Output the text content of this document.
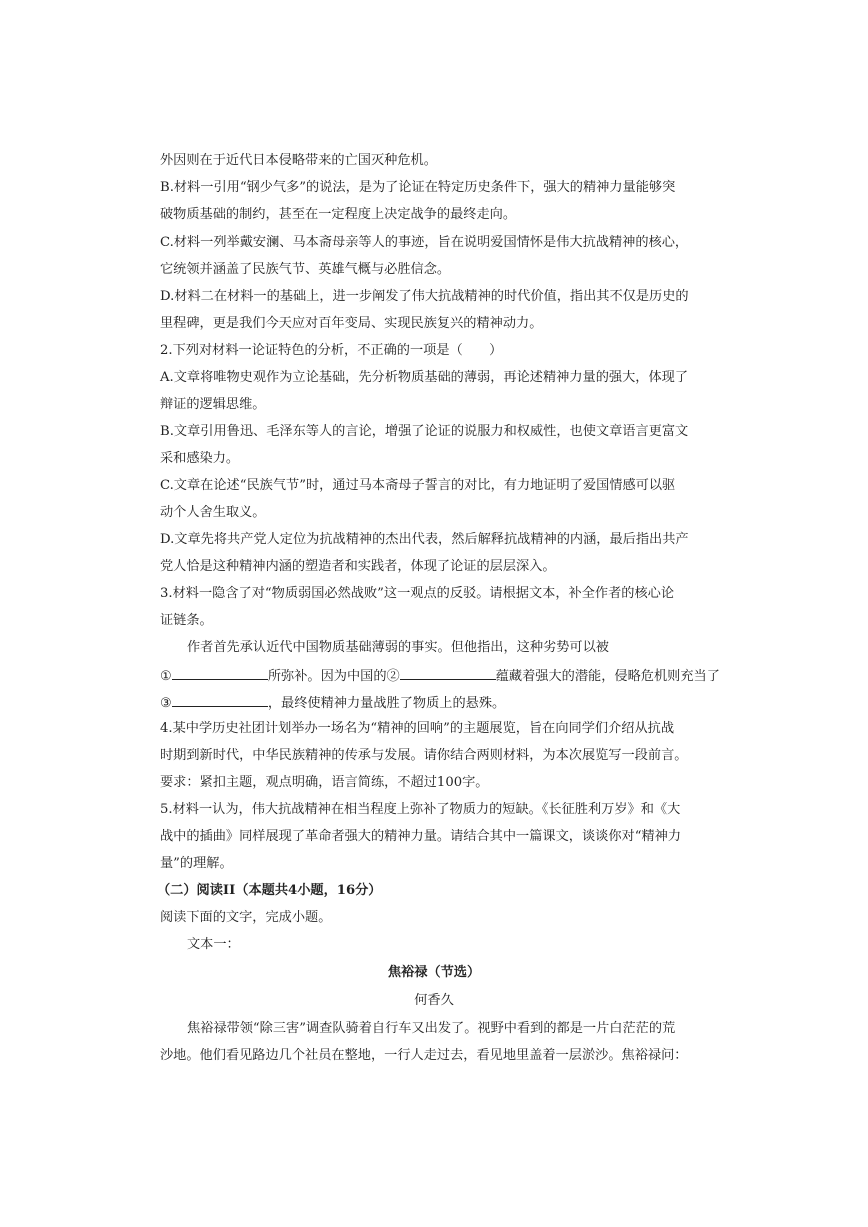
外因则在于近代日本侵略带来的亡国灭种危机。
B.材料一引用“钢少气多”的说法，是为了论证在特定历史条件下，强大的精神力量能够突
破物质基础的制约，甚至在一定程度上决定战争的最终走向。
C.材料一列举戴安澜、马本斋母亲等人的事迹，旨在说明爱国情怀是伟大抗战精神的核心，
它统领并涵盖了民族气节、英雄气概与必胜信念。
D.材料二在材料一的基础上，进一步阐发了伟大抗战精神的时代价值，指出其不仅是历史的
里程碑，更是我们今天应对百年变局、实现民族复兴的精神动力。
2.下列对材料一论证特色的分析，不正确的一项是（　　）
A.文章将唯物史观作为立论基础，先分析物质基础的薄弱，再论述精神力量的强大，体现了
辩证的逻辑思维。
B.文章引用鲁迅、毛泽东等人的言论，增强了论证的说服力和权威性，也使文章语言更富文
采和感染力。
C.文章在论述“民族气节”时，通过马本斋母子誓言的对比，有力地证明了爱国情感可以驱
动个人舍生取义。
D.文章先将共产党人定位为抗战精神的杰出代表，然后解释抗战精神的内涵，最后指出共产
党人恰是这种精神内涵的塑造者和实践者，体现了论证的层层深入。
3.材料一隐含了对“物质弱国必然战败”这一观点的反驳。请根据文本，补全作者的核心论
证链条。
作者首先承认近代中国物质基础薄弱的事实。但他指出，这种劣势可以被
①	所弥补。因为中国的②	蕴藏着强大的潜能，侵略危机则充当了
③	，最终使精神力量战胜了物质上的悬殊。
4.某中学历史社团计划举办一场名为“精神的回响”的主题展览，旨在向同学们介绍从抗战
时期到新时代，中华民族精神的传承与发展。请你结合两则材料，为本次展览写一段前言。
要求：紧扣主题，观点明确，语言简练，不超过100字。
5.材料一认为，伟大抗战精神在相当程度上弥补了物质力的短缺。《长征胜利万岁》和《大
战中的插曲》同样展现了革命者强大的精神力量。请结合其中一篇课文，谈谈你对“精神力
量”的理解。
（二）阅读II（本题共4小题，16分）
阅读下面的文字，完成小题。
文本一：
焦裕禄（节选）
何香久
焦裕禄带领“除三害”调查队骑着自行车又出发了。视野中看到的都是一片白茫茫的荒
沙地。他们看见路边几个社员在整地，一行人走过去，看见地里盖着一层淤沙。焦裕禄问：
